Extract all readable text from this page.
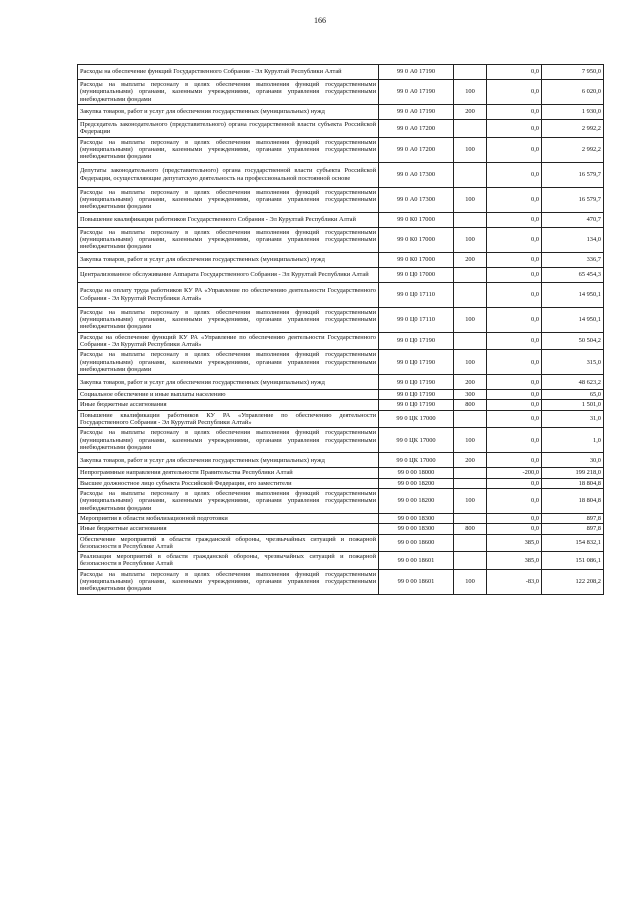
166
Расходы на обеспечение функций Государственного Собрания - Эл Курултай Республики Алтай	99 0 А0 17190		0,0	7 950,0
Расходы на выплаты персоналу в целях обеспечения выполнения функций государственными (муниципальными) органами, казенными учреждениями, органами управления государственными внебюджетными фондами	99 0 А0 17190	100	0,0	6 020,0
Закупка товаров, работ и услуг для обеспечения государственных (муниципальных) нужд	99 0 А0 17190	200	0,0	1 930,0
Председатель законодательного (представительного) органа государственной власти субъекта Российской Федерации	99 0 А0 17200		0,0	2 992,2
Расходы на выплаты персоналу в целях обеспечения выполнения функций государственными (муниципальными) органами, казенными учреждениями, органами управления государственными внебюджетными фондами	99 0 А0 17200	100	0,0	2 992,2
Депутаты законодательного (представительного) органа государственной власти субъекта Российской Федерации, осуществляющие депутатскую деятельность на профессиональной постоянной основе	99 0 А0 17300		0,0	16 579,7
Расходы на выплаты персоналу в целях обеспечения выполнения функций государственными (муниципальными) органами, казенными учреждениями, органами управления государственными внебюджетными фондами	99 0 А0 17300	100	0,0	16 579,7
Повышение квалификации работников Государственного Собрания - Эл Курултай Республики Алтай	99 0 К0 17000		0,0	470,7
Расходы на выплаты персоналу в целях обеспечения выполнения функций государственными (муниципальными) органами, казенными учреждениями, органами управления государственными внебюджетными фондами	99 0 К0 17000	100	0,0	134,0
Закупка товаров, работ и услуг для обеспечения государственных (муниципальных) нужд	99 0 К0 17000	200	0,0	336,7
Централизованное обслуживание Аппарата Государственного Собрания - Эл Курултай Республики Алтай	99 0 Ц0 17000		0,0	65 454,3
Расходы на оплату труда работников КУ РА «Управление по обеспечению деятельности Государственного Собрания - Эл Курултай Республики Алтай»	99 0 Ц0 17110		0,0	14 950,1
Расходы на выплаты персоналу в целях обеспечения выполнения функций государственными (муниципальными) органами, казенными учреждениями, органами управления государственными внебюджетными фондами	99 0 Ц0 17110	100	0,0	14 950,1
Расходы на обеспечение функций КУ РА «Управление по обеспечению деятельности Государственного Собрания - Эл Курултай Республики Алтай»	99 0 Ц0 17190		0,0	50 504,2
Расходы на выплаты персоналу в целях обеспечения выполнения функций государственными (муниципальными) органами, казенными учреждениями, органами управления государственными внебюджетными фондами	99 0 Ц0 17190	100	0,0	315,0
Закупка товаров, работ и услуг для обеспечения государственных (муниципальных) нужд	99 0 Ц0 17190	200	0,0	48 623,2
Социальное обеспечение и иные выплаты населению	99 0 Ц0 17190	300	0,0	65,0
Иные бюджетные ассигнования	99 0 Ц0 17190	800	0,0	1 501,0
Повышение квалификации работников КУ РА «Управление по обеспечению деятельности Государственного Собрания - Эл Курултай Республики Алтай»	99 0 ЦК 17000		0,0	31,0
Расходы на выплаты персоналу в целях обеспечения выполнения функций государственными (муниципальными) органами, казенными учреждениями, органами управления государственными внебюджетными фондами	99 0 ЦК 17000	100	0,0	1,0
Закупка товаров, работ и услуг для обеспечения государственных (муниципальных) нужд	99 0 ЦК 17000	200	0,0	30,0
Непрограммные направления деятельности Правительства Республики Алтай	99 0 00 18000		-200,0	199 218,0
Высшее должностное лицо субъекта Российской Федерации, его заместители	99 0 00 18200		0,0	18 804,8
Расходы на выплаты персоналу в целях обеспечения выполнения функций государственными (муниципальными) органами, казенными учреждениями, органами управления государственными внебюджетными фондами	99 0 00 18200	100	0,0	18 804,8
Мероприятия в области мобилизационной подготовки	99 0 00 18300		0,0	897,8
Иные бюджетные ассигнования	99 0 00 18300	800	0,0	897,8
Обеспечение мероприятий в области гражданской обороны, чрезвычайных ситуаций и пожарной безопасности в Республике Алтай	99 0 00 18600		385,0	154 832,1
Реализация мероприятий в области гражданской обороны, чрезвычайных ситуаций и пожарной безопасности в Республике Алтай	99 0 00 18601		385,0	151 086,1
Расходы на выплаты персоналу в целях обеспечения выполнения функций государственными (муниципальными) органами, казенными учреждениями, органами управления государственными внебюджетными фондами	99 0 00 18601	100	-83,0	122 208,2
